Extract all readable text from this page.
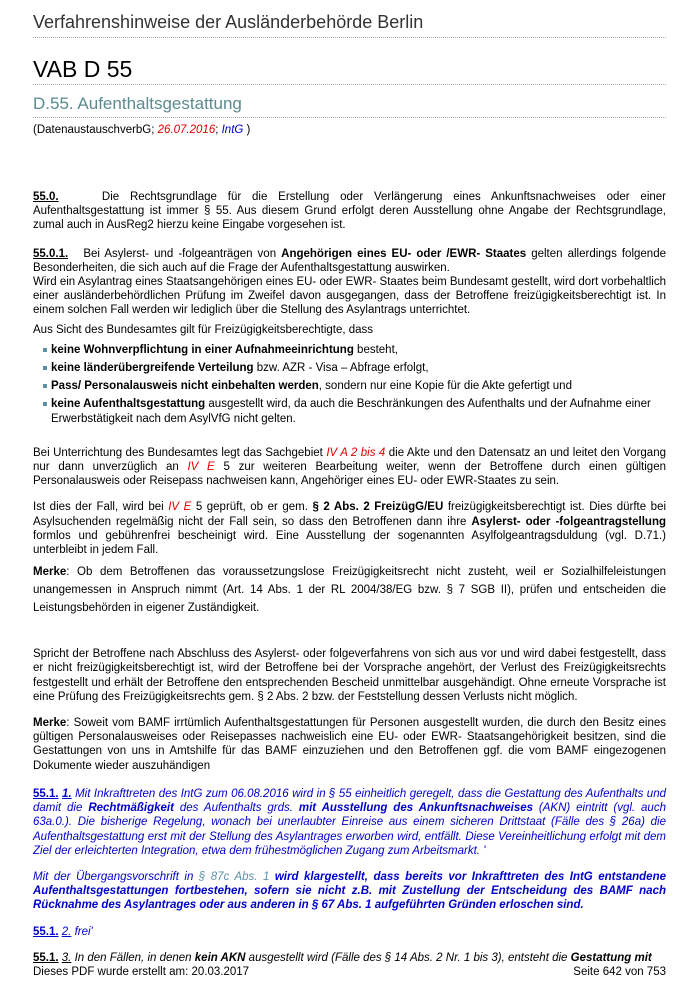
Verfahrenshinweise der Ausländerbehörde Berlin
VAB D 55
D.55. Aufenthaltsgestattung
(DatenaustauschverbG; 26.07.2016; IntG )

55.0.	Die Rechtsgrundlage für die Erstellung oder Verlängerung eines Ankunftsnachweises oder einer Aufenthaltsgestattung ist immer § 55. Aus diesem Grund erfolgt deren Ausstellung ohne Angabe der Rechtsgrundlage, zumal auch in AusReg2 hierzu keine Eingabe vorgesehen ist.

55.0.1. Bei Asylerst- und -folgeanträgen von Angehörigen eines EU- oder /EWR- Staates gelten allerdings folgende Besonderheiten, die sich auch auf die Frage der Aufenthaltsgestattung auswirken.
Wird ein Asylantrag eines Staatsangehörigen eines EU- oder EWR- Staates beim Bundesamt gestellt, wird dort vorbehaltlich einer ausländerbehördlichen Prüfung im Zweifel davon ausgegangen, dass der Betroffene freizügigkeitsberechtigt ist. In einem solchen Fall werden wir lediglich über die Stellung des Asylantrags unterrichtet.

Aus Sicht des Bundesamtes gilt für Freizügigkeitsberechtigte, dass

keine Wohnverpflichtung in einer Aufnahmeeinrichtung besteht,
keine länderübergreifende Verteilung bzw. AZR - Visa – Abfrage erfolgt,
Pass/ Personalausweis nicht einbehalten werden, sondern nur eine Kopie für die Akte gefertigt und
keine Aufenthaltsgestattung ausgestellt wird, da auch die Beschränkungen des Aufenthalts und der Aufnahme einer Erwerbstätigkeit nach dem AsylVfG nicht gelten.

Bei Unterrichtung des Bundesamtes legt das Sachgebiet IV A 2 bis 4 die Akte und den Datensatz an und leitet den Vorgang nur dann unverzüglich an IV E 5 zur weiteren Bearbeitung weiter, wenn der Betroffene durch einen gültigen Personalausweis oder Reisepass nachweisen kann, Angehöriger eines EU- oder EWR-Staates zu sein.

Ist dies der Fall, wird bei IV E 5 geprüft, ob er gem. § 2 Abs. 2 FreizügG/EU freizügigkeitsberechtigt ist. Dies dürfte bei Asylsuchenden regelmäßig nicht der Fall sein, so dass den Betroffenen dann ihre Asylerst- oder -folgeantragstellung formlos und gebührenfrei bescheinigt wird. Eine Ausstellung der sogenannten Asylfolgeantragsduldung (vgl. D.71.) unterbleibt in jedem Fall.

Merke: Ob dem Betroffenen das voraussetzungslose Freizügigkeitsrecht nicht zusteht, weil er Sozialhilfeleistungen unangemessen in Anspruch nimmt (Art. 14 Abs. 1 der RL 2004/38/EG bzw. § 7 SGB II), prüfen und entscheiden die Leistungsbehörden in eigener Zuständigkeit.

Spricht der Betroffene nach Abschluss des Asylerst- oder folgeverfahrens von sich aus vor und wird dabei festgestellt, dass er nicht freizügigkeitsberechtigt ist, wird der Betroffene bei der Vorsprache angehört, der Verlust des Freizügigkeitsrechts festgestellt und erhält der Betroffene den entsprechenden Bescheid unmittelbar ausgehändigt. Ohne erneute Vorsprache ist eine Prüfung des Freizügigkeitsrechts gem. § 2 Abs. 2 bzw. der Feststellung dessen Verlusts nicht möglich.

Merke: Soweit vom BAMF irrtümlich Aufenthaltsgestattungen für Personen ausgestellt wurden, die durch den Besitz eines gültigen Personalausweises oder Reisepasses nachweislich eine EU- oder EWR- Staatsangehörigkeit besitzen, sind die Gestattungen von uns in Amtshilfe für das BAMF einzuziehen und den Betroffenen ggf. die vom BAMF eingezogenen Dokumente wieder auszuhändigen

55.1. 1. Mit Inkrafttreten des IntG zum 06.08.2016 wird in § 55 einheitlich geregelt, dass die Gestattung des Aufenthalts und damit die Rechtmäßigkeit des Aufenthalts grds. mit Ausstellung des Ankunftsnachweises (AKN) eintritt (vgl. auch 63a.0.). Die bisherige Regelung, wonach bei unerlaubter Einreise aus einem sicheren Drittstaat (Fälle des § 26a) die Aufenthaltsgestattung erst mit der Stellung des Asylantrages erworben wird, entfällt. Diese Vereinheitlichung erfolgt mit dem Ziel der erleichterten Integration, etwa dem frühestmöglichen Zugang zum Arbeitsmarkt. '

Mit der Übergangsvorschrift in § 87c Abs. 1 wird klargestellt, dass bereits vor Inkrafttreten des IntG entstandene Aufenthaltsgestattungen fortbestehen, sofern sie nicht z.B. mit Zustellung der Entscheidung des BAMF nach Rücknahme des Asylantrages oder aus anderen in § 67 Abs. 1 aufgeführten Gründen erloschen sind.

55.1. 2. frei'

55.1. 3. In den Fällen, in denen kein AKN ausgestellt wird (Fälle des § 14 Abs. 2 Nr. 1 bis 3), entsteht die Gestattung mit

Dieses PDF wurde erstellt am: 20.03.2017	Seite 642 von 753
